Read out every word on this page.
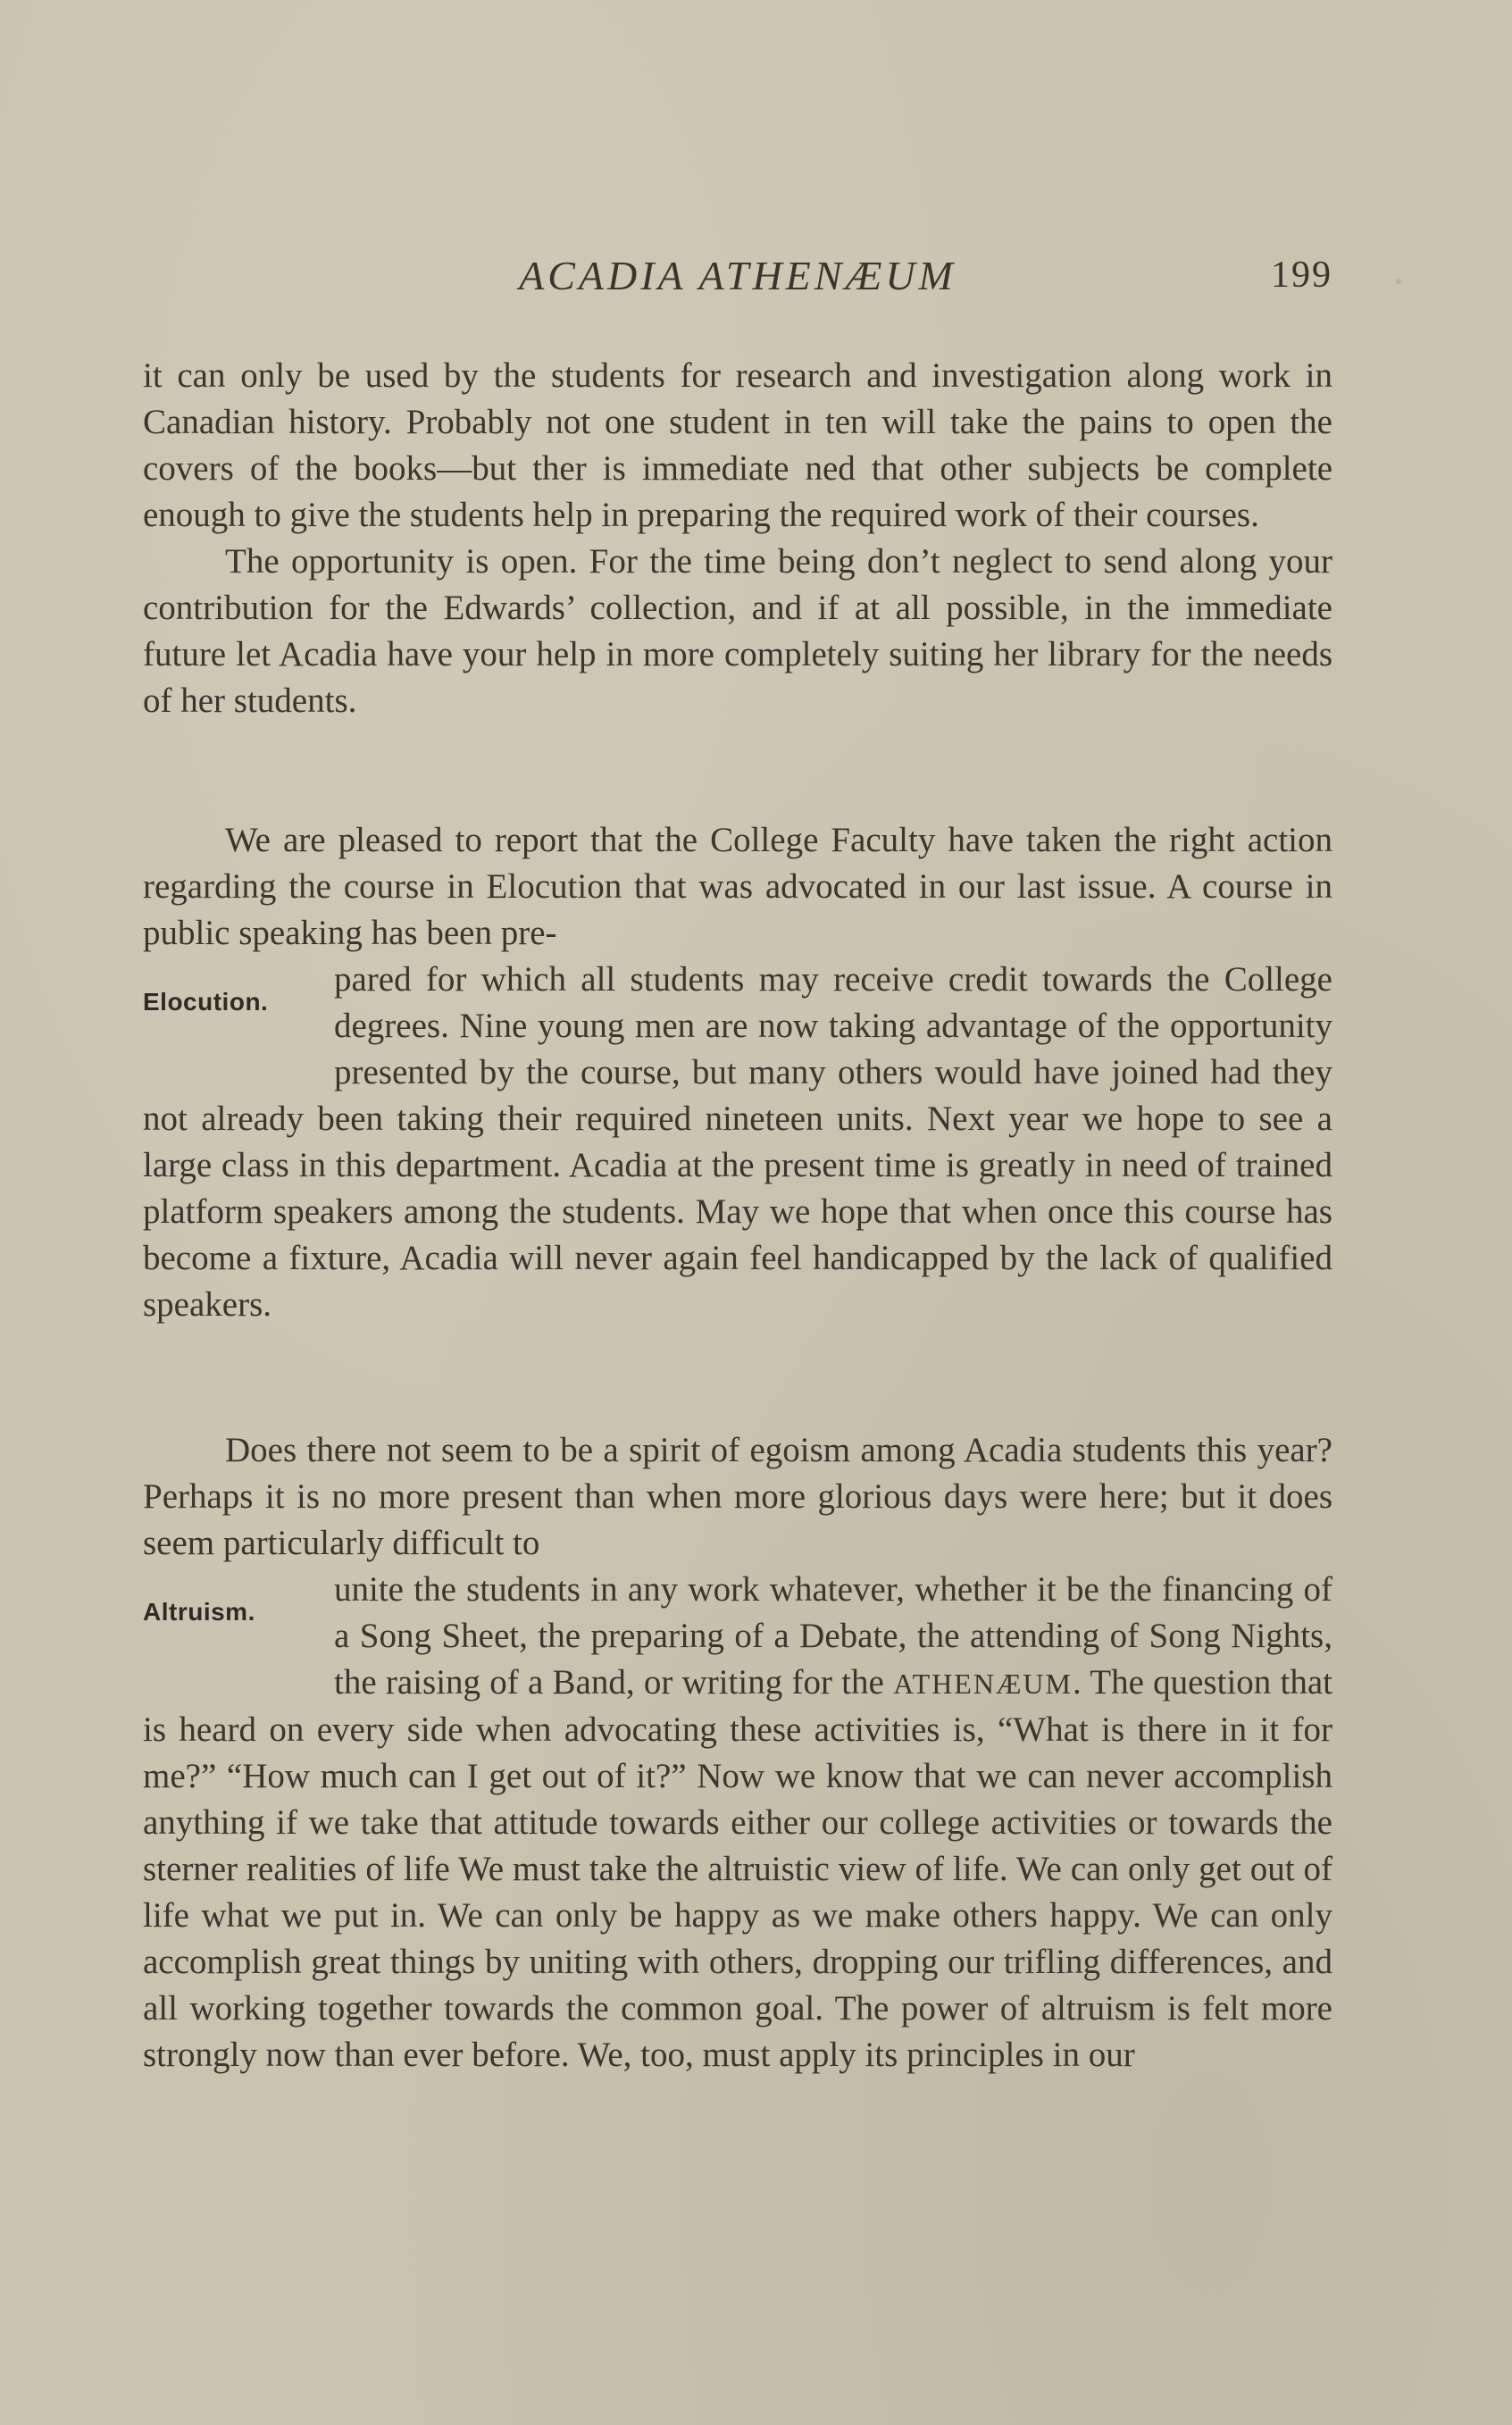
ACADIA ATHENÆUM	199

it can only be used by the students for research and investigation along work in Canadian history. Probably not one student in ten will take the pains to open the covers of the books—but ther is immediate ned that other subjects be complete enough to give the students help in preparing the required work of their courses.

The opportunity is open. For the time being don’t neglect to send along your contribution for the Edwards’ collection, and if at all possible, in the immediate future let Acadia have your help in more completely suiting her library for the needs of her students.

Elocution.

We are pleased to report that the College Faculty have taken the right action regarding the course in Elocution that was advocated in our last issue. A course in public speaking has been pre-

pared for which all students may receive credit towards the College degrees. Nine young men are now taking advantage of the opportunity presented by the course, but many others would have joined had they not already been taking their required nineteen units. Next year we hope to see a large class in this department. Acadia at the present time is greatly in need of trained platform speakers among the students. May we hope that when once this course has become a fixture, Acadia will never again feel handicapped by the lack of qualified speakers.

Altruism.

Does there not seem to be a spirit of egoism among Acadia students this year? Perhaps it is no more present than when more glorious days were here; but it does seem particularly difficult to

unite the students in any work whatever, whether it be the financing of a Song Sheet, the preparing of a Debate, the attending of Song Nights, the raising of a Band, or writing for the ATHENÆUM. The question that is heard on every side when advocating these activities is, “What is there in it for me?” “How much can I get out of it?” Now we know that we can never accomplish anything if we take that attitude towards either our college activities or towards the sterner realities of life We must take the altruistic view of life. We can only get out of life what we put in. We can only be happy as we make others happy. We can only accomplish great things by uniting with others, dropping our trifling differences, and all working together towards the common goal. The power of altruism is felt more strongly now than ever before. We, too, must apply its principles in our
